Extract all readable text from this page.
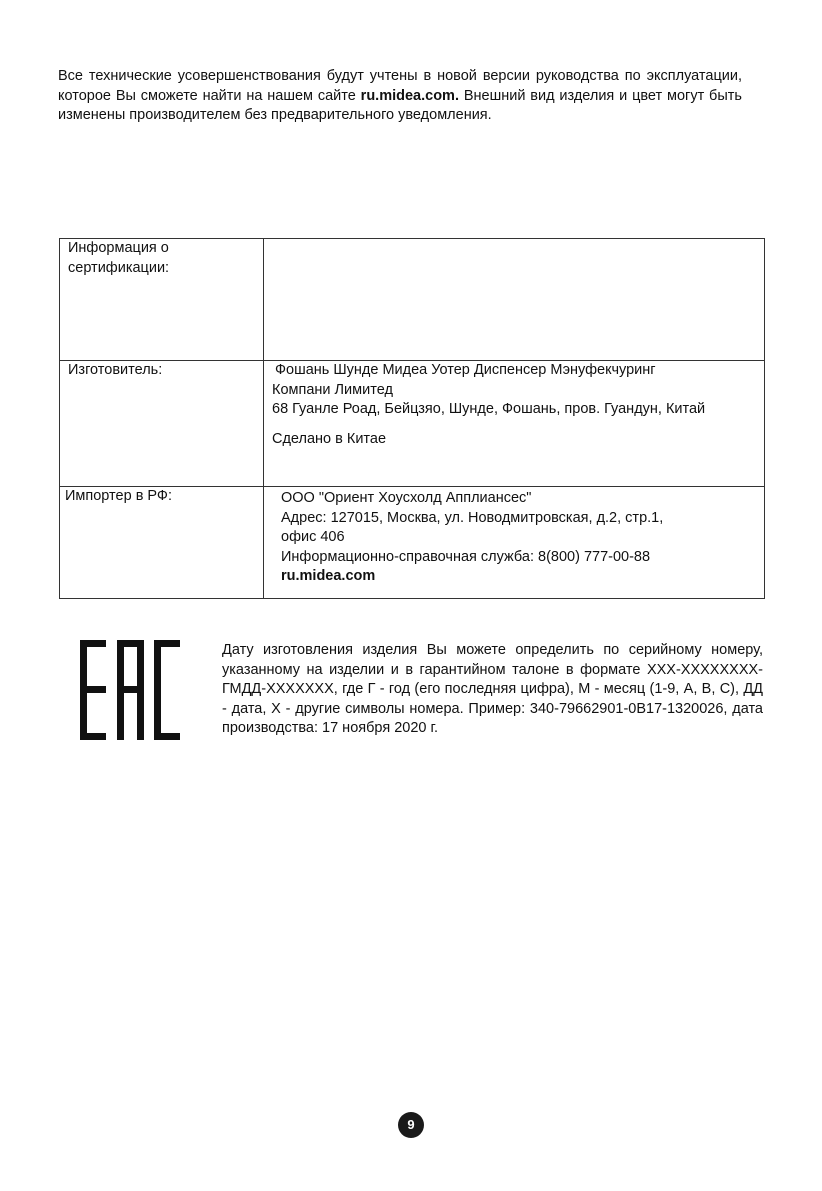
Все технические усовершенствования будут учтены в новой версии руководства по эксплуатации, которое Вы сможете найти на нашем сайте ru.midea.com. Внешний вид изделия и цвет могут быть изменены производителем без предварительного уведомления.

Информация о сертификации:	

Изготовитель:	Фошань Шунде Мидеа Уотер Диспенсер Мэнуфекчуринг
Компани Лимитед
68 Гуанле Роад, Бейцзяо, Шунде, Фошань, пров. Гуандун, Китай
Сделано в Китае

Импортер в РФ:	ООО "Ориент Хоусхолд Апплиансес"
Адрес: 127015, Москва, ул. Новодмитровская, д.2, стр.1,
офис 406
Информационно-справочная служба: 8(800) 777-00-88
ru.midea.com

Дату изготовления изделия Вы можете определить по серийному номеру, указанному на изделии и в гарантийном талоне в формате XXX-XXXXXXXX-ГМДД-XXXXXXX, где Г - год (его последняя цифра), М - месяц (1-9, A, B, C), ДД - дата, X - другие символы номера. Пример: 340-79662901-0B17-1320026, дата производства: 17 ноября 2020 г.

9
